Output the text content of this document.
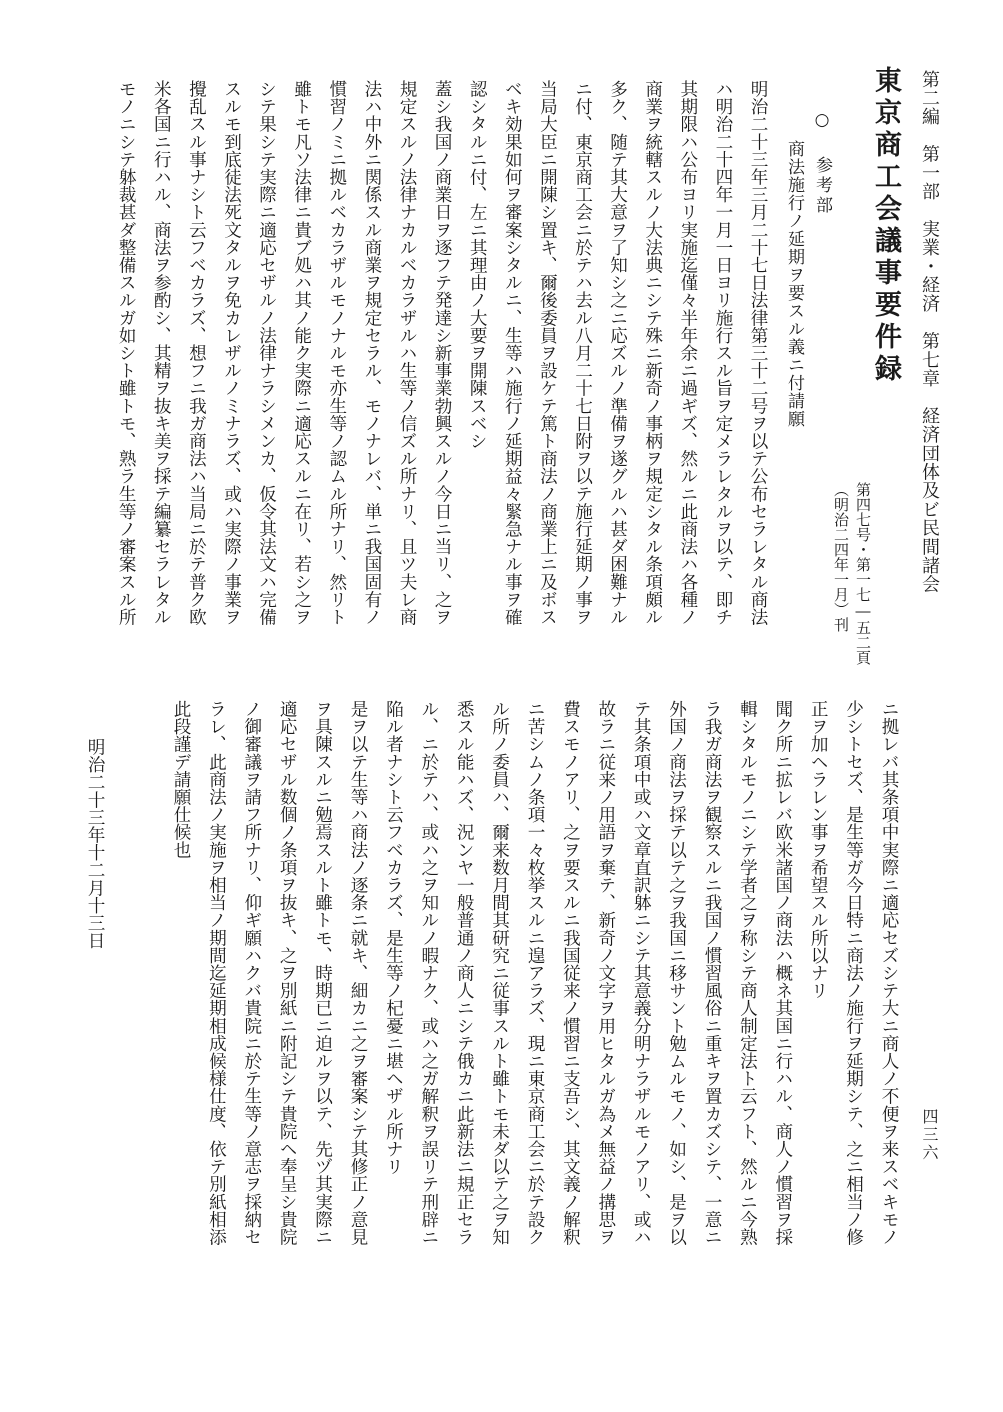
第二編　第一部　実業・経済　第七章　経済団体及ビ民間諸会
四三六
東京商工会議事要件録
第四七号・第一七―五二頁
（明治二四年一月）刊
○ 参考部
商法施行ノ延期ヲ要スル義ニ付請願
明治二十三年三月二十七日法律第三十二号ヲ以テ公布セラレタル商法
ハ明治二十四年一月一日ヨリ施行スル旨ヲ定メラレタルヲ以テ、即チ
其期限ハ公布ヨリ実施迄僅々半年余ニ過ギズ、然ルニ此商法ハ各種ノ
商業ヲ統轄スルノ大法典ニシテ殊ニ新奇ノ事柄ヲ規定シタル条項頗ル
多ク、随テ其大意ヲ了知シ之ニ応ズルノ準備ヲ遂グルハ甚ダ困難ナル
ニ付、東京商工会ニ於テハ去ル八月二十七日附ヲ以テ施行延期ノ事ヲ
当局大臣ニ開陳シ置キ、爾後委員ヲ設ケテ篤ト商法ノ商業上ニ及ボス
ベキ効果如何ヲ審案シタルニ、生等ハ施行ノ延期益々緊急ナル事ヲ確
認シタルニ付、左ニ其理由ノ大要ヲ開陳スベシ
蓋シ我国ノ商業日ヲ逐フテ発達シ新事業勃興スルノ今日ニ当リ、之ヲ
規定スルノ法律ナカルベカラザルハ生等ノ信ズル所ナリ、且ツ夫レ商
法ハ中外ニ関係スル商業ヲ規定セラル、モノナレバ、単ニ我国固有ノ
慣習ノミニ拠ルベカラザルモノナルモ亦生等ノ認ムル所ナリ、然リト
雖トモ凡ソ法律ニ貴ブ処ハ其ノ能ク実際ニ適応スルニ在リ、若シ之ヲ
シテ果シテ実際ニ適応セザルノ法律ナラシメンカ、仮令其法文ハ完備
スルモ到底徒法死文タルヲ免カレザルノミナラズ、或ハ実際ノ事業ヲ
攪乱スル事ナシト云フベカラズ、想フニ我ガ商法ハ当局ニ於テ普ク欧
米各国ニ行ハル、商法ヲ参酌シ、其精ヲ抜キ美ヲ採テ編纂セラレタル
モノニシテ躰裁甚ダ整備スルガ如シト雖トモ、熟ラ生等ノ審案スル所
ニ拠レバ其条項中実際ニ適応セズシテ大ニ商人ノ不便ヲ来スベキモノ
少シトセズ、是生等ガ今日特ニ商法ノ施行ヲ延期シテ、之ニ相当ノ修
正ヲ加ヘラレン事ヲ希望スル所以ナリ
聞ク所ニ拡レバ欧米諸国ノ商法ハ概ネ其国ニ行ハル、商人ノ慣習ヲ採
輯シタルモノニシテ学者之ヲ称シテ商人制定法ト云フト、然ルニ今熟
ラ我ガ商法ヲ観察スルニ我国ノ慣習風俗ニ重キヲ置カズシテ、一意ニ
外国ノ商法ヲ採テ以テ之ヲ我国ニ移サント勉ムルモノ、如シ、是ヲ以
テ其条項中或ハ文章直訳躰ニシテ其意義分明ナラザルモノアリ、或ハ
故ラニ従来ノ用語ヲ棄テ、新奇ノ文字ヲ用ヒタルガ為メ無益ノ搆思ヲ
費スモノアリ、之ヲ要スルニ我国従来ノ慣習ニ支吾シ、其文義ノ解釈
ニ苦シムノ条項一々枚挙スルニ遑アラズ、現ニ東京商工会ニ於テ設ク
ル所ノ委員ハ、爾来数月間其研究ニ従事スルト雖トモ未ダ以テ之ヲ知
悉スル能ハズ、況ンヤ一般普通ノ商人ニシテ俄カニ此新法ニ規正セラ
ル、ニ於テハ、或ハ之ヲ知ルノ暇ナク、或ハ之ガ解釈ヲ誤リテ刑辟ニ
陥ル者ナシト云フベカラズ、是生等ノ杞憂ニ堪ヘザル所ナリ
是ヲ以テ生等ハ商法ノ逐条ニ就キ、細カニ之ヲ審案シテ其修正ノ意見
ヲ具陳スルニ勉焉スルト雖トモ、時期已ニ迫ルヲ以テ、先ヅ其実際ニ
適応セザル数個ノ条項ヲ抜キ、之ヲ別紙ニ附記シテ貴院ヘ奉呈シ貴院
ノ御審議ヲ請フ所ナリ、仰ギ願ハクバ貴院ニ於テ生等ノ意志ヲ採納セ
ラレ、此商法ノ実施ヲ相当ノ期間迄延期相成候様仕度、依テ別紙相添
此段謹デ請願仕候也
明治二十三年十二月十三日
